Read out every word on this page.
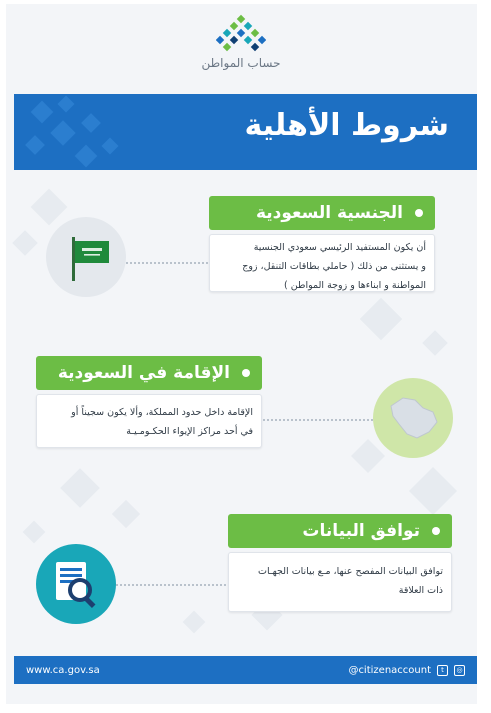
حساب المواطن
شروط الأهلية
الجنسية السعودية
أن يكون المستفيد الرئيسي سعودي الجنسية
و يستثنى من ذلك ( حاملي بطاقات التنقل، زوج
المواطنة و ابناءها و زوجة المواطن )
الإقامة في السعودية
الإقامة داخل حدود المملكة، وألا يكون سجيناً أو
في أحد مراكز الإيواء الحكـومـيـة
توافق البيانات
توافق البيانات المفصح عنها، مـع بيانات الجهـات
ذات العلاقة
www.ca.gov.sa	@citizenaccount	t	◎
